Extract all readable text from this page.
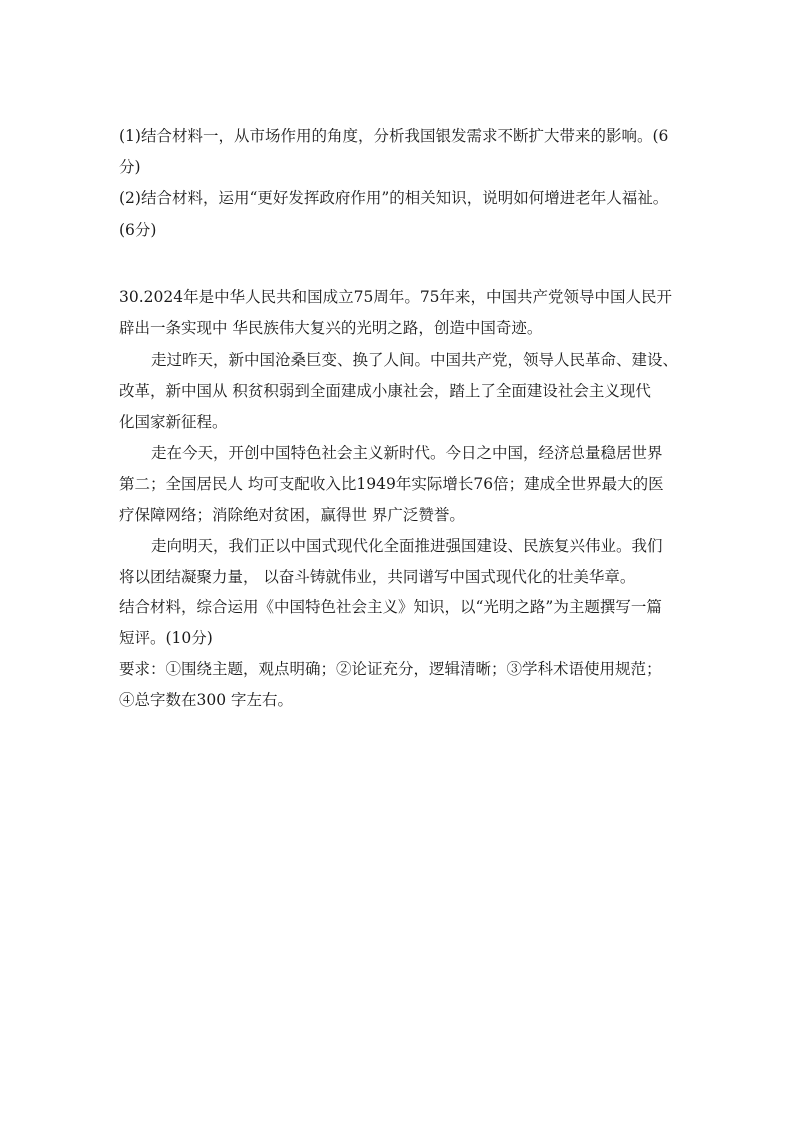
(1)结合材料一，从市场作用的角度，分析我国银发需求不断扩大带来的影响。(6
分)
(2)结合材料，运用“更好发挥政府作用”的相关知识，说明如何增进老年人福祉。
(6分)
30.2024年是中华人民共和国成立75周年。75年来，中国共产党领导中国人民开
辟出一条实现中 华民族伟大复兴的光明之路，创造中国奇迹。
走过昨天，新中国沧桑巨变、换了人间。中国共产党，领导人民革命、建设、
改革，新中国从 积贫积弱到全面建成小康社会，踏上了全面建设社会主义现代
化国家新征程。
走在今天，开创中国特色社会主义新时代。今日之中国，经济总量稳居世界
第二；全国居民人 均可支配收入比1949年实际增长76倍；建成全世界最大的医
疗保障网络；消除绝对贫困，赢得世 界广泛赞誉。
走向明天，我们正以中国式现代化全面推进强国建设、民族复兴伟业。我们
将以团结凝聚力量， 以奋斗铸就伟业，共同谱写中国式现代化的壮美华章。
结合材料，综合运用《中国特色社会主义》知识，以“光明之路”为主题撰写一篇
短评。(10分)
要求：①围绕主题，观点明确；②论证充分，逻辑清晰；③学科术语使用规范；
④总字数在300 字左右。
